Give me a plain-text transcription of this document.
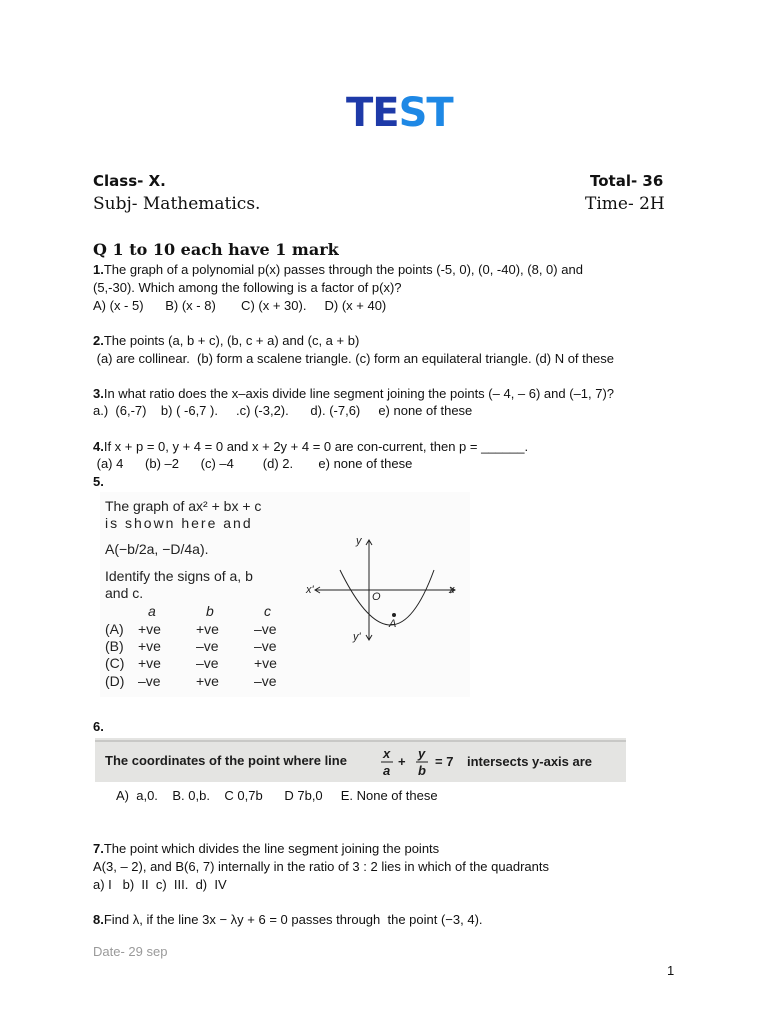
TEST
Class- X.	Total- 36
Subj- Mathematics.	Time- 2H
Q 1 to 10 each have 1 mark
1.The graph of a polynomial p(x) passes through the points (-5, 0), (0, -40), (8, 0) and
(5,-30). Which among the following is a factor of p(x)?
A) (x - 5)      B) (x - 8)       C) (x + 30).     D) (x + 40)
2.The points (a, b + c), (b, c + a) and (c, a + b)
(a) are collinear.  (b) form a scalene triangle. (c) form an equilateral triangle. (d) N of these
3.In what ratio does the x–axis divide line segment joining the points (– 4, – 6) and (–1, 7)?
a.)  (6,-7)    b) ( -6,7 ).     .c) (-3,2).      d). (-7,6)     e) none of these
4.If x + p = 0, y + 4 = 0 and x + 2y + 4 = 0 are con-current, then p = ______.
(a) 4      (b) –2      (c) –4        (d) 2.       e) none of these
5.
The graph of ax² + bx + c
is shown here and
A(−b/2a, −D/4a).
Identify the signs of a, b
and c.
a	b	c
(A) +ve	+ve	–ve
(B) +ve	–ve	–ve
(C) +ve	–ve	+ve
(D) –ve	+ve	–ve
y
x
x'
y'
O
A
6.
The coordinates of the point where line	x
a
+
y
b
= 7 intersects y-axis are
A)  a,0.    B. 0,b.    C 0,7b      D 7b,0     E. None of these
7.The point which divides the line segment joining the points
A(3, – 2), and B(6, 7) internally in the ratio of 3 : 2 lies in which of the quadrants
a) I   b)  II  c)  III.  d)  IV
8.Find λ, if the line 3x − λy + 6 = 0 passes through  the point (−3, 4).
Date- 29 sep
1
